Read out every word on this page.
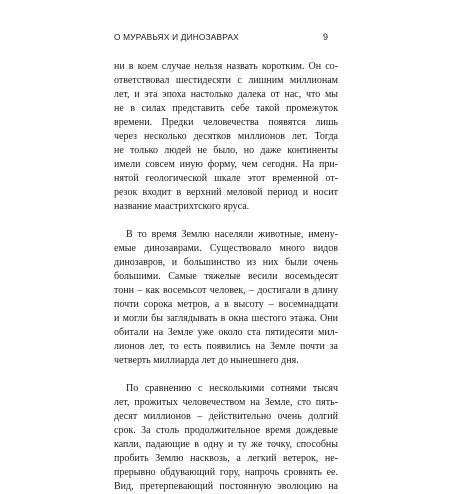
О МУРАВЬЯХ И ДИНОЗАВРАХ	9

ни в коем случае нельзя назвать коротким. Он со-

ответствовал шестидесяти с лишним миллионам

лет, и эта эпоха настолько далека от нас, что мы

не в силах представить себе такой промежуток

времени. Предки человечества появятся лишь

через несколько десятков миллионов лет. Тогда

не только людей не было, но даже континенты

имели совсем иную форму, чем сегодня. На при-

нятой геологической шкале этот временной от-

резок входит в верхний меловой период и носит

название маастрихтского яруса.

В то время Землю населяли животные, имену-

емые динозаврами. Существовало много видов

динозавров, и большинство из них были очень

большими. Самые тяжелые весили восемьдесят

тонн – как восемьсот человек, – достигали в длину

почти сорока метров, а в высоту – восемнадцати

и могли бы заглядывать в окна шестого этажа. Они

обитали на Земле уже около ста пятидесяти мил-

лионов лет, то есть появились на Земле почти за

четверть миллиарда лет до нынешнего дня.

По сравнению с несколькими сотнями тысяч

лет, прожитых человечеством на Земле, сто пять-

десят миллионов – действительно очень долгий

срок. За столь продолжительное время дождевые

капли, падающие в одну и ту же точку, способны

пробить Землю насквозь, а легкий ветерок, не-

прерывно обдувающий гору, напрочь сровнять ее.

Вид, претерпевающий постоянную эволюцию на
